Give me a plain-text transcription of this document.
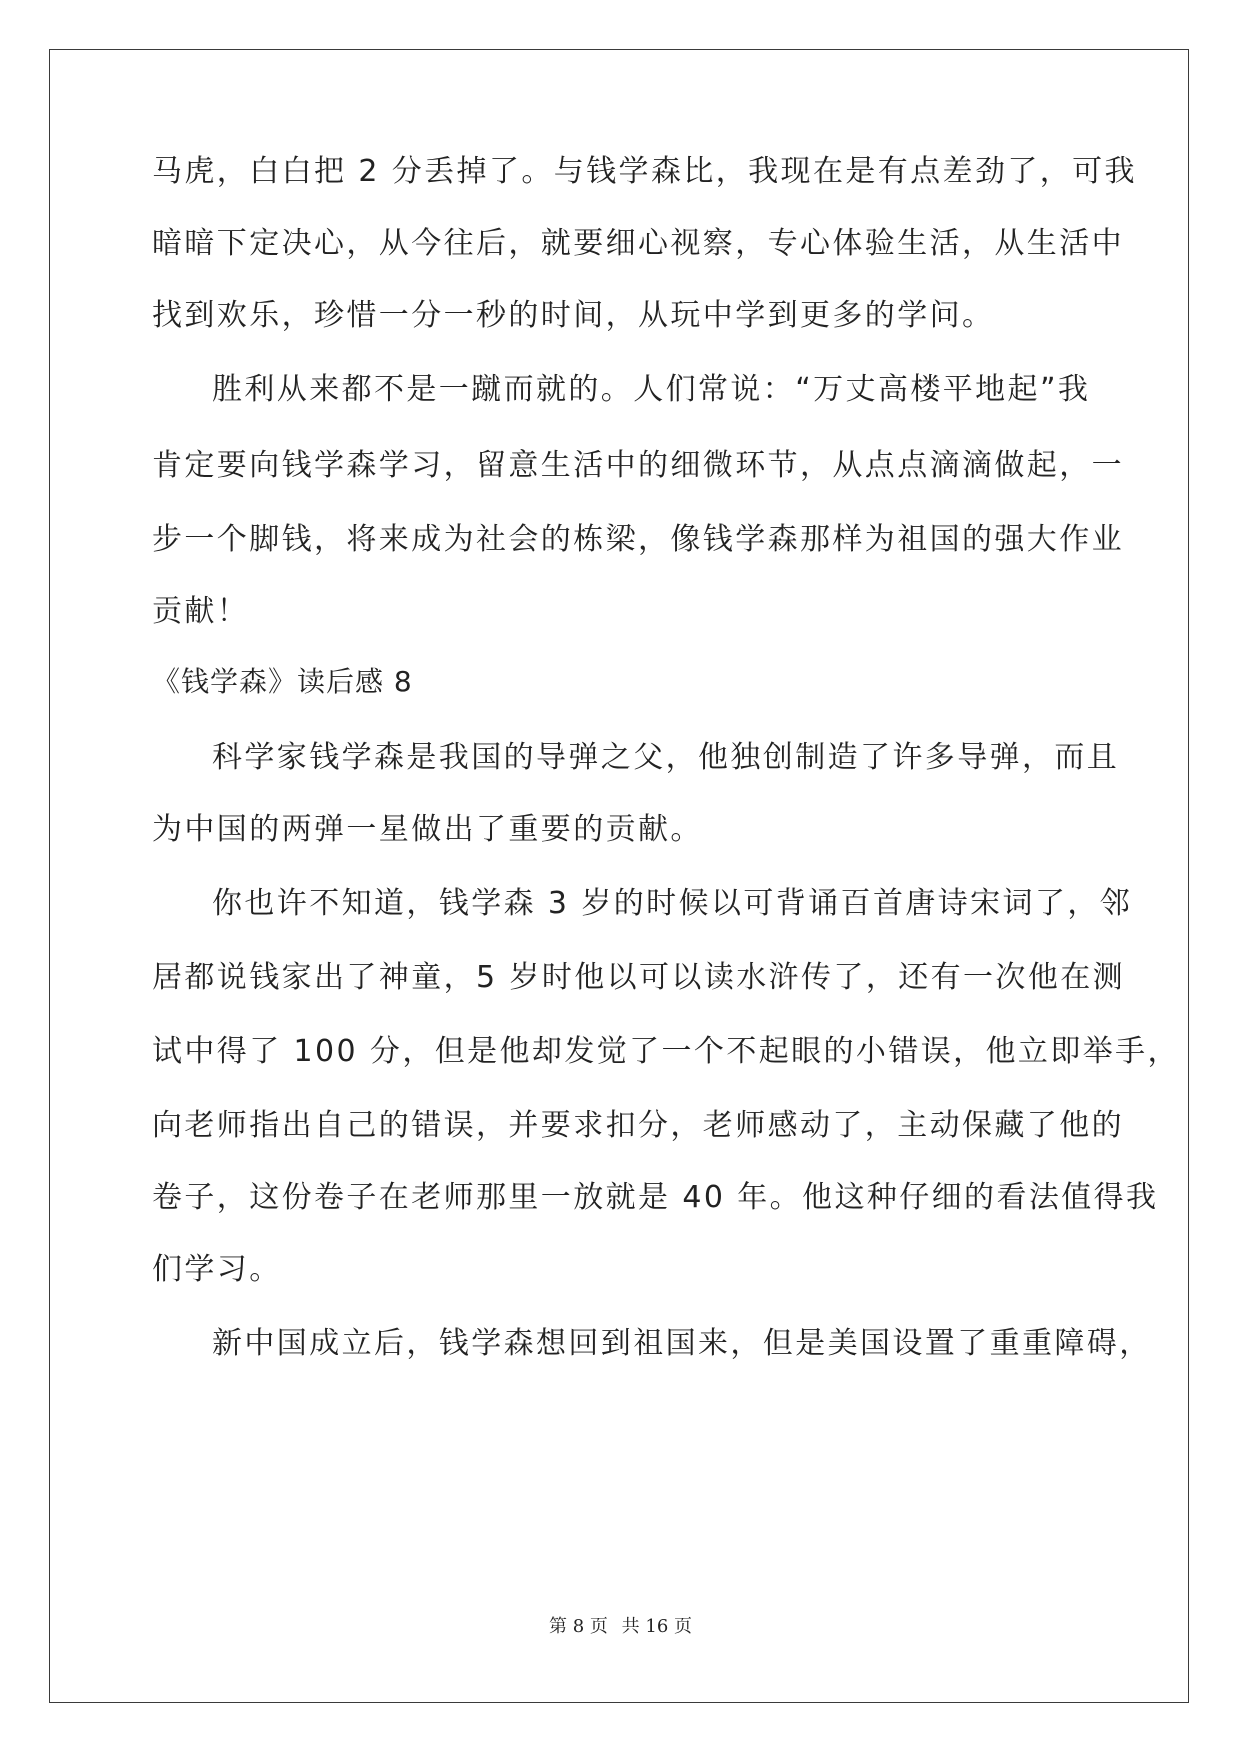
马虎，白白把 2 分丢掉了。与钱学森比，我现在是有点差劲了，可我
暗暗下定决心，从今往后，就要细心视察，专心体验生活，从生活中
找到欢乐，珍惜一分一秒的时间，从玩中学到更多的学问。
胜利从来都不是一蹴而就的。人们常说：“万丈高楼平地起”我
肯定要向钱学森学习，留意生活中的细微环节，从点点滴滴做起，一
步一个脚钱，将来成为社会的栋梁，像钱学森那样为祖国的强大作业
贡献！
《钱学森》读后感 8
科学家钱学森是我国的导弹之父，他独创制造了许多导弹，而且
为中国的两弹一星做出了重要的贡献。
你也许不知道，钱学森 3 岁的时候以可背诵百首唐诗宋词了，邻
居都说钱家出了神童，5 岁时他以可以读水浒传了，还有一次他在测
试中得了 100 分，但是他却发觉了一个不起眼的小错误，他立即举手，
向老师指出自己的错误，并要求扣分，老师感动了，主动保藏了他的
卷子，这份卷子在老师那里一放就是 40 年。他这种仔细的看法值得我
们学习。
新中国成立后，钱学森想回到祖国来，但是美国设置了重重障碍，
第 8 页 共 16 页
